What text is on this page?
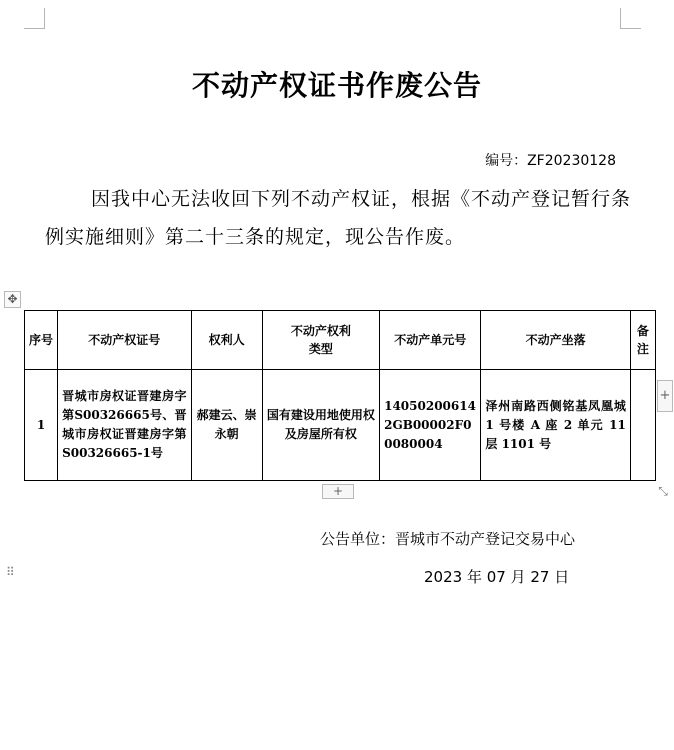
不动产权证书作废公告
编号：ZF20230128
因我中心无法收回下列不动产权证，根据《不动产登记暂行条例实施细则》第二十三条的规定，现公告作废。
✥
序号	不动产权证号	权利人	不动产权利类型	不动产单元号	不动产坐落	备注

1	晋城市房权证晋建房字第S00326665号、晋城市房权证晋建房字第S00326665-1号	郝建云、崇永朝	国有建设用地使用权及房屋所有权	140502006142GB00002F00080004	泽州南路西侧铭基凤凰城 1 号楼 A 座 2 单元 11 层 1101 号	

+
+	⤡
公告单位：晋城市不动产登记交易中心
⠿	2023 年 07 月 27 日
